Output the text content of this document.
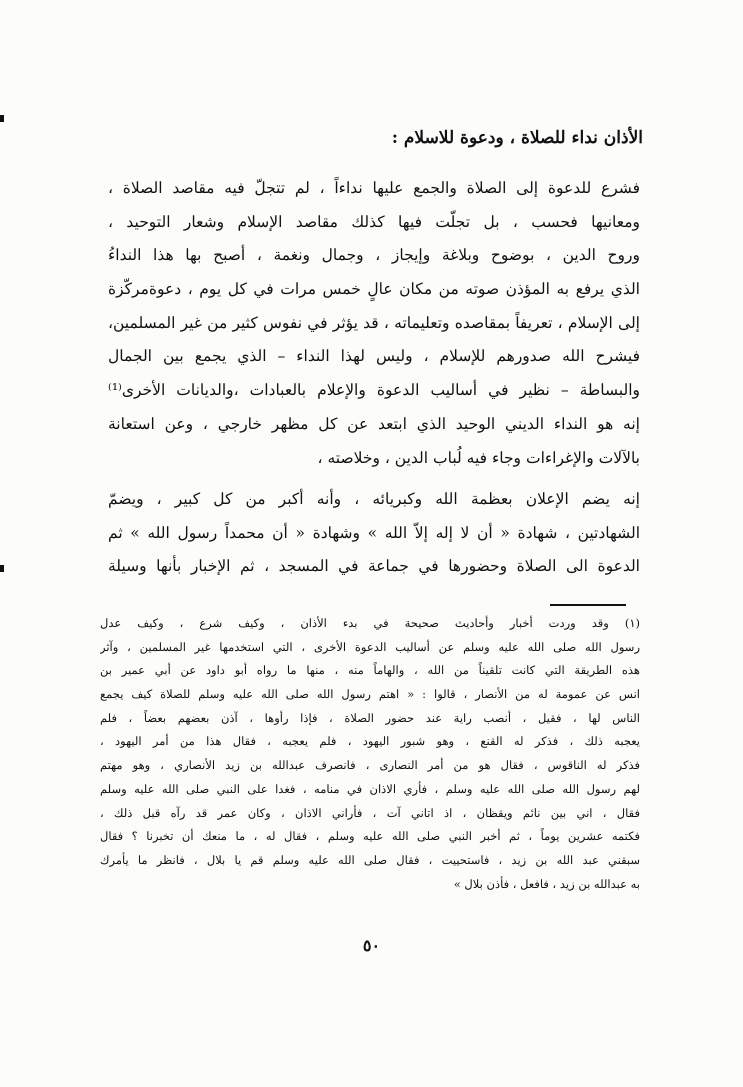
الأذان نداء للصلاة ، ودعوة للاسلام :
فشرع للدعوة إلى الصلاة والجمع عليها نداءاً ، لم تتجلّ فيه مقاصد الصلاة ،
ومعانيها فحسب ، بل تجلّت فيها كذلك مقاصد الإسلام وشعار التوحيد ،
وروح الدين ، بوضوح وبلاغة وإيجاز ، وجمال ونغمة ، أصبح بها هذا النداءُ
الذي يرفع به المؤذن صوته من مكان عالٍ خمس مرات في كل يوم ، دعوةمركّزة
إلى الإسلام ، تعريفاً بمقاصده وتعليماته ، قد يؤثر في نفوس كثير من غير المسلمين،
فيشرح الله صدورهم للإسلام ، وليس لهذا النداء – الذي يجمع بين الجمال
والبساطة – نظير في أساليب الدعوة والإعلام بالعبادات ،والديانات الأخرى⁽¹⁾
إنه هو النداء الديني الوحيد الذي ابتعد عن كل مظهر خارجي ، وعن استعانة
بالآلات والإغراءات وجاء فيه لُباب الدين ، وخلاصته ،
إنه يضم الإعلان بعظمة الله وكبريائه ، وأنه أكبر من كل كبير ، ويضمّ
الشهادتين ، شهادة « أن لا إله إلاّ الله » وشهادة « أن محمداً رسول الله » ثم
الدعوة الى الصلاة وحضورها في جماعة في المسجد ، ثم الإخبار بأنها وسيلة
(١) وقد وردت أخبار وأحاديث صحيحة في بدء الأذان ، وكيف شرع ، وكيف عدل
رسول الله صلى الله عليه وسلم عن أساليب الدعوة الأخرى ، التي استخدمها غير المسلمين ، وآثر
هذه الطريقة التي كانت تلقيناً من الله ، والهاماً منه ، منها ما رواه أبو داود عن أبي عمير بن
انس عن عمومة له من الأنصار ، قالوا : « اهتم رسول الله صلى الله عليه وسلم للصلاة كيف يجمع
الناس لها ، فقيل ، أنصب راية عند حضور الصلاة ، فإذا رأوها ، آذن بعضهم بعضاً ، فلم
يعجبه ذلك ، فذكر له القنع ، وهو شبور اليهود ، فلم يعجبه ، فقال هذا من أمر اليهود ،
فذكر له الناقوس ، فقال هو من أمر النصارى ، فانصرف عبدالله بن زيد الأنصاري ، وهو مهتم
لهم رسول الله صلى الله عليه وسلم ، فأري الاذان في منامه ، فغدا على النبي صلى الله عليه وسلم
فقال ، اني بين نائم ويقظان ، اذ اتاني آت ، فأراني الاذان ، وكان عمر قد رآه قبل ذلك ،
فكتمه عشرين يوماً ، ثم أخبر النبي صلى الله عليه وسلم ، فقال له ، ما منعك أن تخبرنا ؟ فقال
سبقني عبد الله بن زيد ، فاستحييت ، فقال صلى الله عليه وسلم قم يا بلال ، فانظر ما يأمرك
به عبدالله بن زيد ، فافعل ، فأذن بلال »
٥٠
